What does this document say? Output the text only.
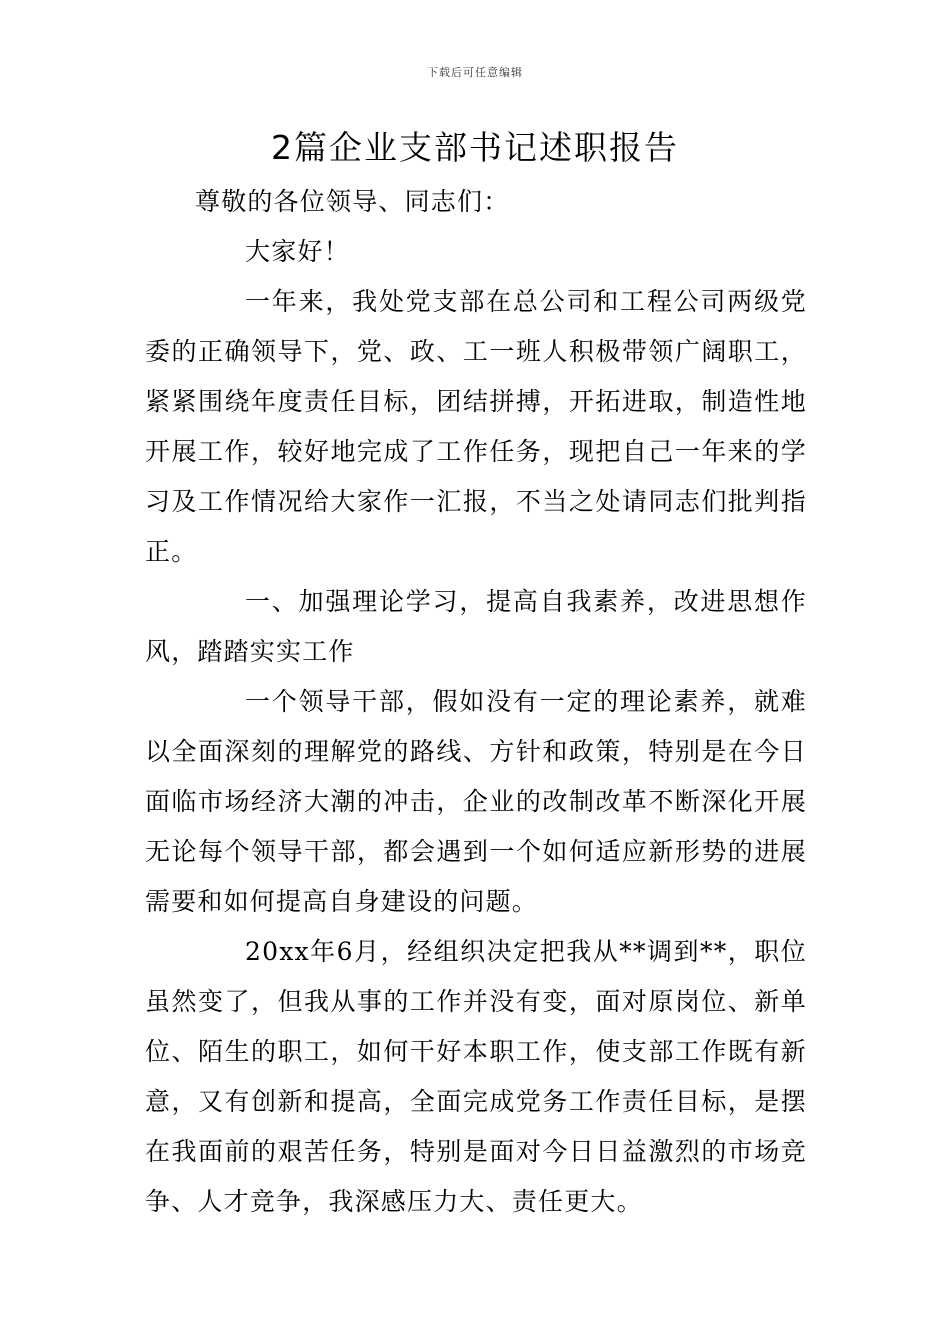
下载后可任意编辑
2篇企业支部书记述职报告

尊敬的各位领导、同志们：

大家好！

一年来，我处党支部在总公司和工程公司两级党委的正确领导下，党、政、工一班人积极带领广阔职工，紧紧围绕年度责任目标，团结拼搏，开拓进取，制造性地开展工作，较好地完成了工作任务，现把自己一年来的学习及工作情况给大家作一汇报，不当之处请同志们批判指正。

一、加强理论学习，提高自我素养，改进思想作风，踏踏实实工作

一个领导干部，假如没有一定的理论素养，就难以全面深刻的理解党的路线、方针和政策，特别是在今日面临市场经济大潮的冲击，企业的改制改革不断深化开展无论每个领导干部，都会遇到一个如何适应新形势的进展需要和如何提高自身建设的问题。

20xx年6月，经组织决定把我从**调到**，职位虽然变了，但我从事的工作并没有变，面对原岗位、新单位、陌生的职工，如何干好本职工作，使支部工作既有新意，又有创新和提高，全面完成党务工作责任目标，是摆在我面前的艰苦任务，特别是面对今日日益激烈的市场竞争、人才竞争，我深感压力大、责任更大。
